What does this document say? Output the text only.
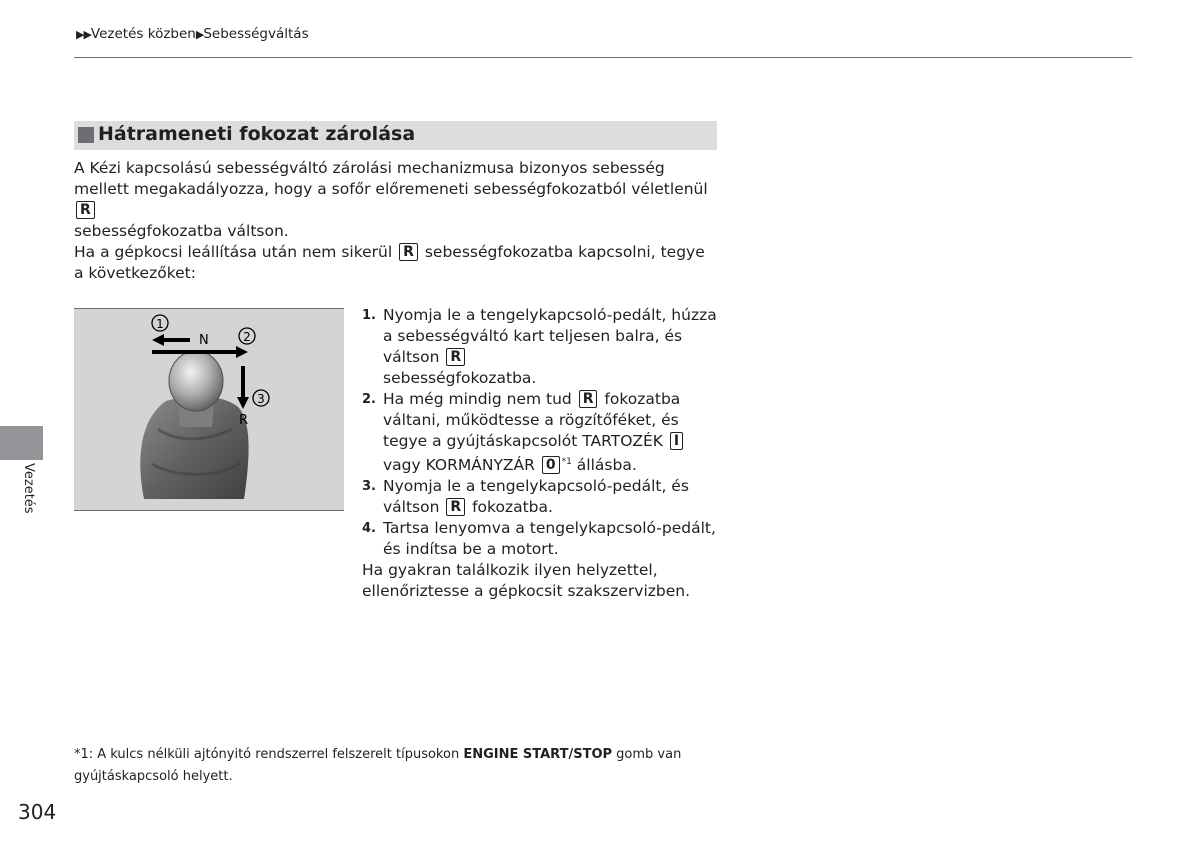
▶▶Vezetés közben▶Sebességváltás
Hátrameneti fokozat zárolása

A Kézi kapcsolású sebességváltó zárolási mechanizmusa bizonyos sebesség mellett megakadályozza, hogy a sofőr előremeneti sebességfokozatból véletlenül R
sebességfokozatba váltson.

Ha a gépkocsi leállítása után nem sikerül R sebességfokozatba kapcsolni, tegye a következőket:

1
2
3
N
R
1. Nyomja le a tengelykapcsoló-pedált, húzza a sebességváltó kart teljesen balra, és váltson R
sebességfokozatba.
2. Ha még mindig nem tud R fokozatba váltani, működtesse a rögzítőféket, és tegye a gyújtáskapcsolót TARTOZÉK I vagy KORMÁNYZÁR 0 $^{*1}$ állásba.
3. Nyomja le a tengelykapcsoló-pedált, és váltson R fokozatba.
4. Tartsa lenyomva a tengelykapcsoló-pedált, és indítsa be a motort.

Ha gyakran találkozik ilyen helyzettel, ellenőriztesse a gépkocsit szakszervizben.

Vezetés

*1: A kulcs nélküli ajtónyitó rendszerrel felszerelt típusokon ENGINE START/STOP gomb van gyújtáskapcsoló helyett.

304
